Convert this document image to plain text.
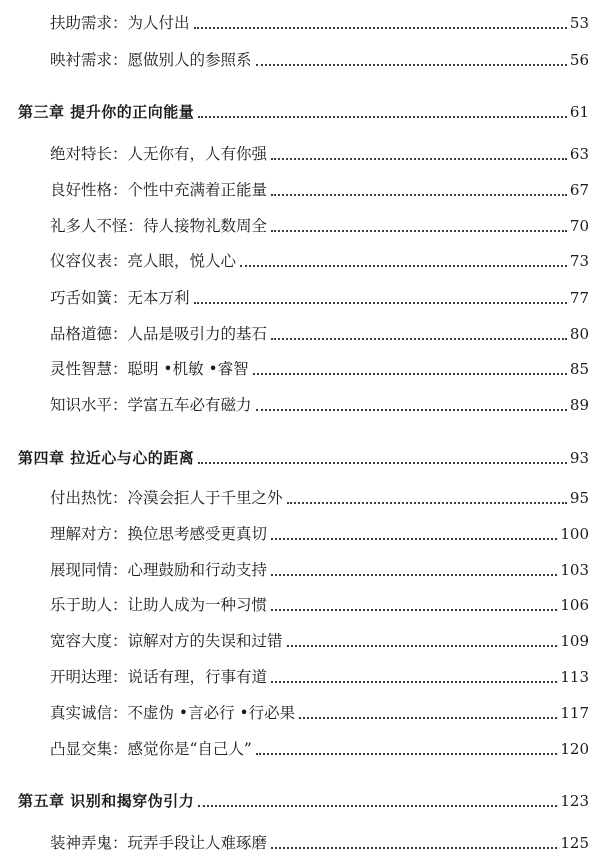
扶助需求：为人付出	53
映衬需求：愿做别人的参照系	56
第三章 提升你的正向能量	61
绝对特长：人无你有，人有你强	63
良好性格：个性中充满着正能量	67
礼多人不怪：待人接物礼数周全	70
仪容仪表：亮人眼，悦人心	73
巧舌如簧：无本万利	77
品格道德：人品是吸引力的基石	80
灵性智慧：聪明 •机敏 •睿智	85
知识水平：学富五车必有磁力	89
第四章 拉近心与心的距离	93
付出热忱：冷漠会拒人于千里之外	95
理解对方：换位思考感受更真切	100
展现同情：心理鼓励和行动支持	103
乐于助人：让助人成为一种习惯	106
宽容大度：谅解对方的失误和过错	109
开明达理：说话有理，行事有道	113
真实诚信：不虚伪 •言必行 •行必果	117
凸显交集：感觉你是“自己人”	120
第五章 识别和揭穿伪引力	123
装神弄鬼：玩弄手段让人难琢磨	125
